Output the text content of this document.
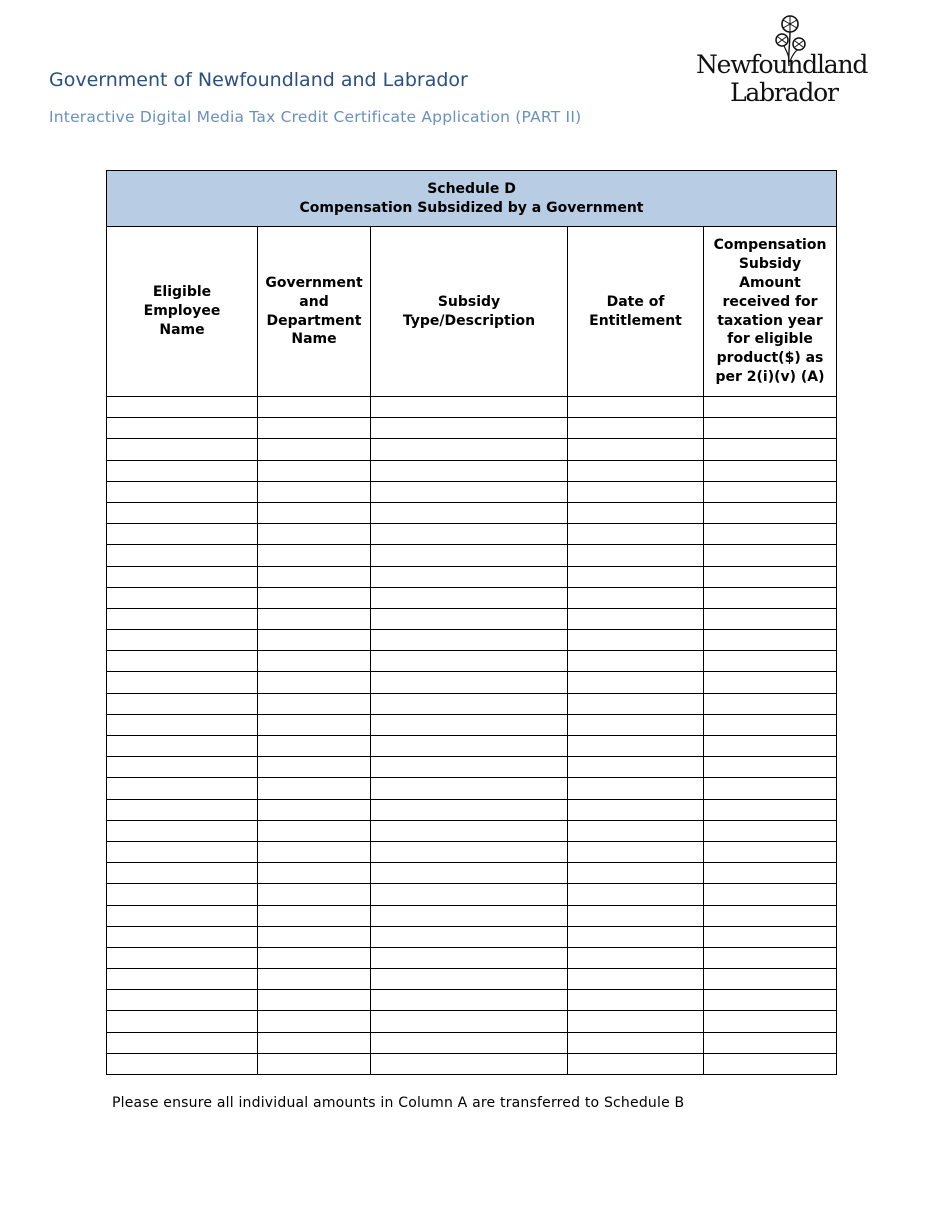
Government of Newfoundland and Labrador
Interactive Digital Media Tax Credit Certificate Application (PART II)
Newfoundland
Labrador
Schedule D
Compensation Subsidized by a Government				

Eligible Employee Name	Government and Department Name	Subsidy Type/Description	Date of Entitlement	Compensation Subsidy Amount received for taxation year for eligible product($) as per 2(i)(v) (A)

Please ensure all individual amounts in Column A are transferred to Schedule B
